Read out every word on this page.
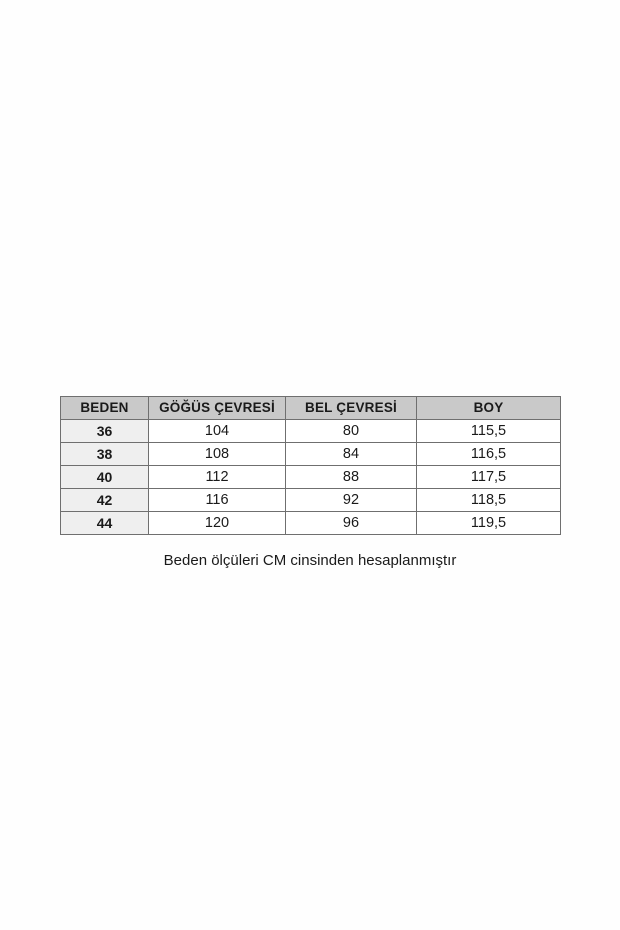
BEDEN	GÖĞÜS ÇEVRESİ	BEL ÇEVRESİ	BOY
36	104	80	115,5
38	108	84	116,5
40	112	88	117,5
42	116	92	118,5
44	120	96	119,5
Beden ölçüleri CM cinsinden hesaplanmıştır
